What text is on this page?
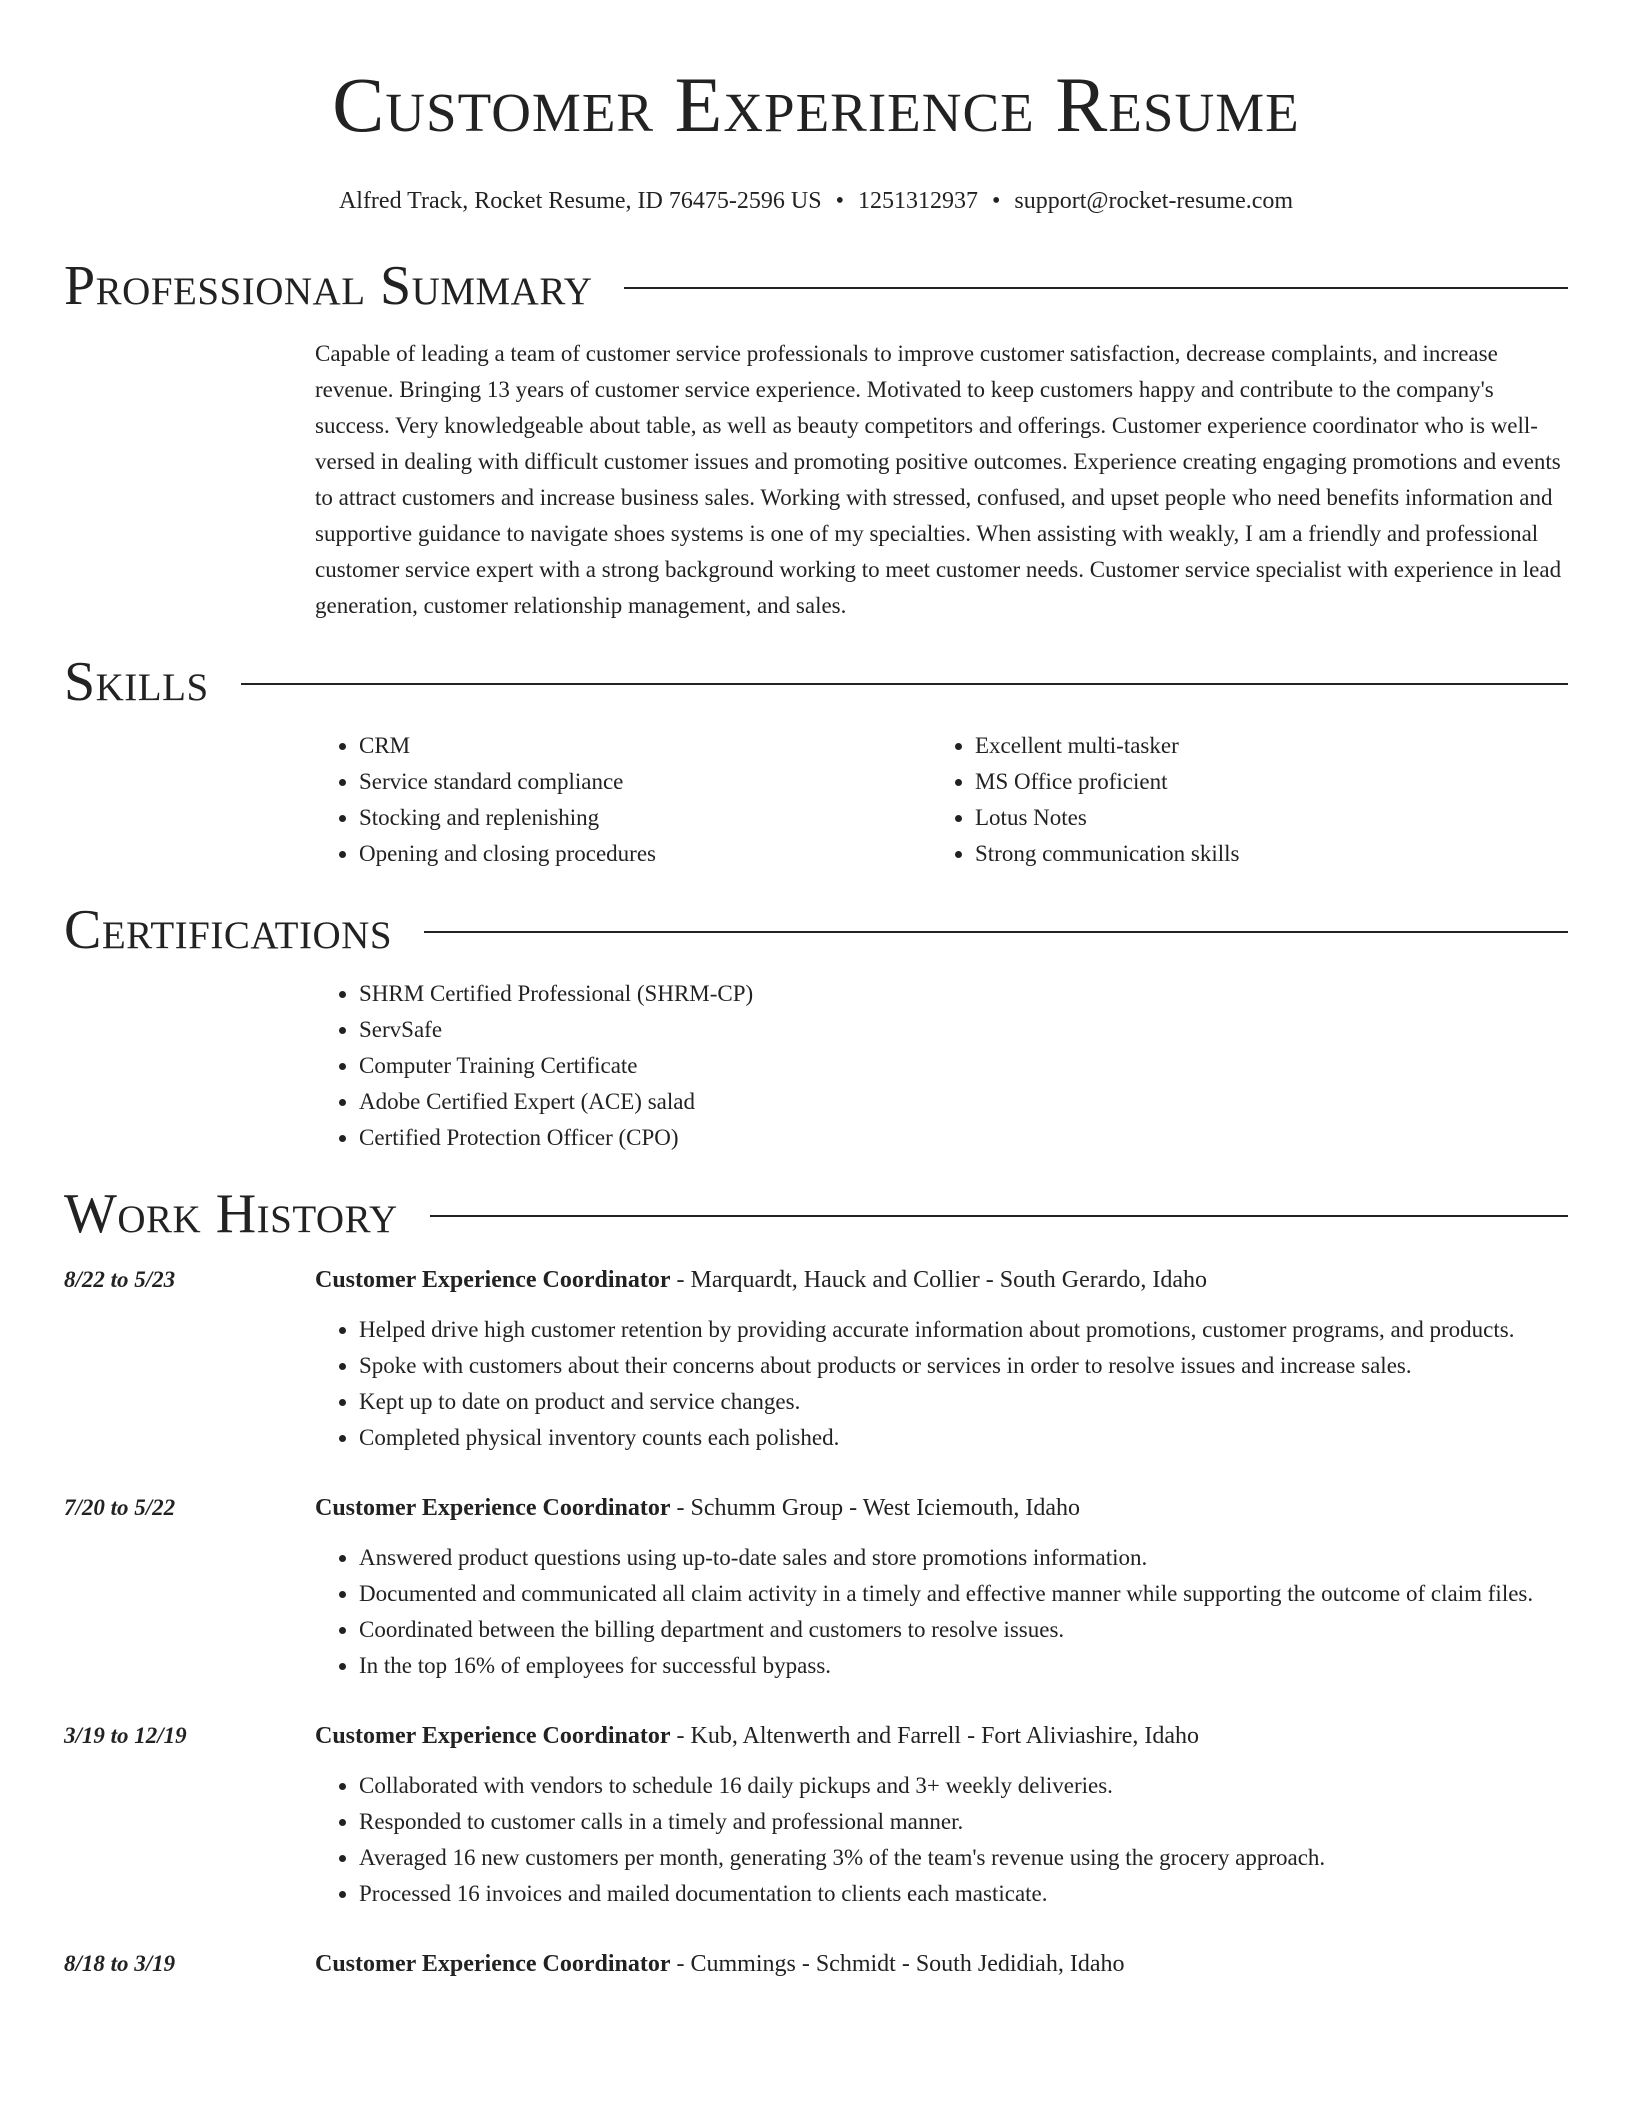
Customer Experience Resume
Alfred Track, Rocket Resume, ID 76475-2596 US • 1251312937 • support@rocket-resume.com
Professional Summary

Capable of leading a team of customer service professionals to improve customer satisfaction, decrease complaints, and increase revenue. Bringing 13 years of customer service experience. Motivated to keep customers happy and contribute to the company's success. Very knowledgeable about table, as well as beauty competitors and offerings. Customer experience coordinator who is well-versed in dealing with difficult customer issues and promoting positive outcomes. Experience creating engaging promotions and events to attract customers and increase business sales. Working with stressed, confused, and upset people who need benefits information and supportive guidance to navigate shoes systems is one of my specialties. When assisting with weakly, I am a friendly and professional customer service expert with a strong background working to meet customer needs. Customer service specialist with experience in lead generation, customer relationship management, and sales.

Skills
• CRM
• Service standard compliance
• Stocking and replenishing
• Opening and closing procedures
• Excellent multi-tasker
• MS Office proficient
• Lotus Notes
• Strong communication skills
Certifications
• SHRM Certified Professional (SHRM-CP)
• ServSafe
• Computer Training Certificate
• Adobe Certified Expert (ACE) salad
• Certified Protection Officer (CPO)
Work History
8/22 to 5/23	Customer Experience Coordinator - Marquardt, Hauck and Collier - South Gerardo, Idaho
• Helped drive high customer retention by providing accurate information about promotions, customer programs, and products.
• Spoke with customers about their concerns about products or services in order to resolve issues and increase sales.
• Kept up to date on product and service changes.
• Completed physical inventory counts each polished.
7/20 to 5/22	Customer Experience Coordinator - Schumm Group - West Iciemouth, Idaho
• Answered product questions using up-to-date sales and store promotions information.
• Documented and communicated all claim activity in a timely and effective manner while supporting the outcome of claim files.
• Coordinated between the billing department and customers to resolve issues.
• In the top 16% of employees for successful bypass.
3/19 to 12/19	Customer Experience Coordinator - Kub, Altenwerth and Farrell - Fort Aliviashire, Idaho
• Collaborated with vendors to schedule 16 daily pickups and 3+ weekly deliveries.
• Responded to customer calls in a timely and professional manner.
• Averaged 16 new customers per month, generating 3% of the team's revenue using the grocery approach.
• Processed 16 invoices and mailed documentation to clients each masticate.
8/18 to 3/19	Customer Experience Coordinator - Cummings - Schmidt - South Jedidiah, Idaho
